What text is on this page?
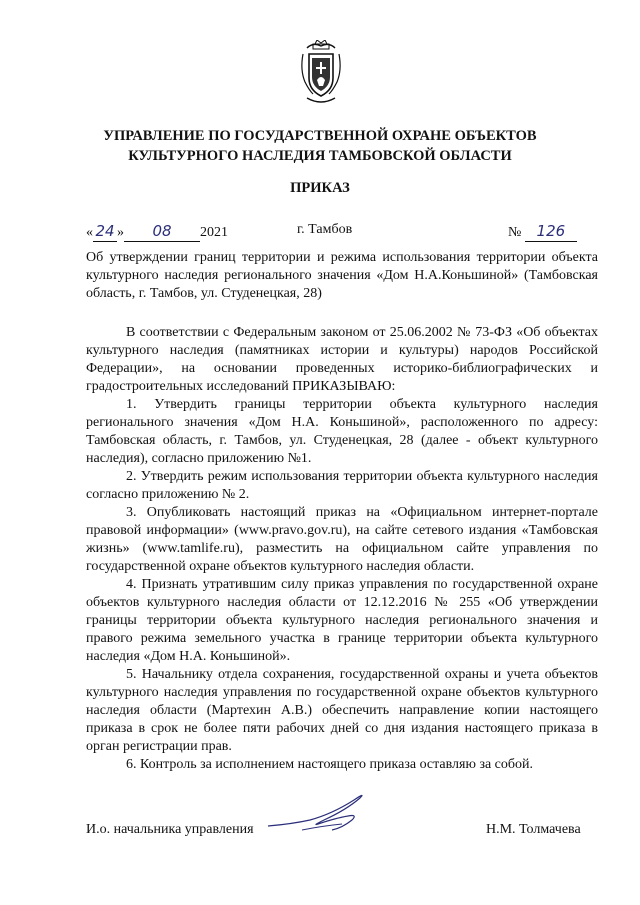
УПРАВЛЕНИЕ ПО ГОСУДАРСТВЕННОЙ ОХРАНЕ ОБЪЕКТОВ
КУЛЬТУРНОГО НАСЛЕДИЯ ТАМБОВСКОЙ ОБЛАСТИ
ПРИКАЗ
« 24 » 08 2021	г. Тамбов	№ 126
Об утверждении границ территории и режима использования территории объекта культурного наследия регионального значения «Дом Н.А.Коньшиной» (Тамбовская область, г. Тамбов, ул. Студенецкая, 28)

В соответствии с Федеральным законом от 25.06.2002 № 73-ФЗ «Об объектах культурного наследия (памятниках истории и культуры) народов Российской Федерации», на основании проведенных историко-библиографических и градостроительных исследований ПРИКАЗЫВАЮ:

1. Утвердить границы территории объекта культурного наследия регионального значения «Дом Н.А. Коньшиной», расположенного по адресу: Тамбовская область, г. Тамбов, ул. Студенецкая, 28 (далее - объект культурного наследия), согласно приложению №1.

2. Утвердить режим использования территории объекта культурного наследия согласно приложению № 2.

3. Опубликовать настоящий приказ на «Официальном интернет-портале правовой информации» (www.pravo.gov.ru), на сайте сетевого издания «Тамбовская жизнь» (www.tamlife.ru), разместить на официальном сайте управления по государственной охране объектов культурного наследия области.

4. Признать утратившим силу приказ управления по государственной охране объектов культурного наследия области от 12.12.2016 № 255 «Об утверждении границы территории объекта культурного наследия регионального значения и правого режима земельного участка в границе территории объекта культурного наследия «Дом Н.А. Коньшиной».

5. Начальнику отдела сохранения, государственной охраны и учета объектов культурного наследия управления по государственной охране объектов культурного наследия области (Мартехин А.В.) обеспечить направление копии настоящего приказа в срок не более пяти рабочих дней со дня издания настоящего приказа в орган регистрации прав.

6. Контроль за исполнением настоящего приказа оставляю за собой.

И.о. начальника управления	Н.М. Толмачева
